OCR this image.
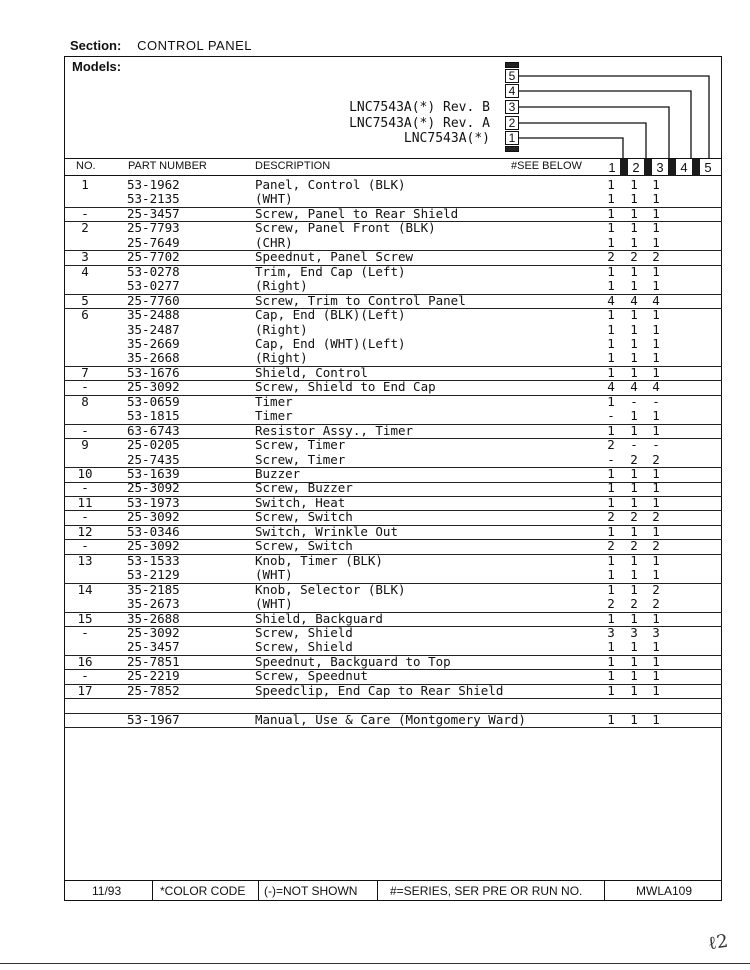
Section: CONTROL PANEL
Models:
LNC7543A(*) Rev. B
LNC7543A(*) Rev. A
LNC7543A(*)
5
4
3
2
1
NO.	PART NUMBER	DESCRIPTION	#SEE BELOW	1	2	3	4	5
1	53-1962	Panel, Control (BLK)	1 1 1
53-2135	(WHT)	1 1 1
-	25-3457	Screw, Panel to Rear Shield	1 1 1
2	25-7793	Screw, Panel Front (BLK)	1 1 1
25-7649	(CHR)	1 1 1
3	25-7702	Speednut, Panel Screw	2 2 2
4	53-0278	Trim, End Cap (Left)	1 1 1
53-0277	(Right)	1 1 1
5	25-7760	Screw, Trim to Control Panel	4 4 4
6	35-2488	Cap, End (BLK)(Left)	1 1 1
35-2487	(Right)	1 1 1
35-2669	Cap, End (WHT)(Left)	1 1 1
35-2668	(Right)	1 1 1
7	53-1676	Shield, Control	1 1 1
-	25-3092	Screw, Shield to End Cap	4 4 4
8	53-0659	Timer	1 - -
53-1815	Timer	- 1 1
-	63-6743	Resistor Assy., Timer	1 1 1
9	25-0205	Screw, Timer	2 - -
25-7435	Screw, Timer	- 2 2
10	53-1639	Buzzer	1 1 1
-	25-3092	Screw, Buzzer	1 1 1
11	53-1973	Switch, Heat	1 1 1
-	25-3092	Screw, Switch	2 2 2
12	53-0346	Switch, Wrinkle Out	1 1 1
-	25-3092	Screw, Switch	2 2 2
13	53-1533	Knob, Timer (BLK)	1 1 1
53-2129	(WHT)	1 1 1
14	35-2185	Knob, Selector (BLK)	1 1 2
35-2673	(WHT)	2 2 2
15	35-2688	Shield, Backguard	1 1 1
-	25-3092	Screw, Shield	3 3 3
25-3457	Screw, Shield	1 1 1
16	25-7851	Speednut, Backguard to Top	1 1 1
-	25-2219	Screw, Speednut	1 1 1
17	25-7852	Speedclip, End Cap to Rear Shield	1 1 1
53-1967	Manual, Use & Care (Montgomery Ward)	1 1 1
11/93	*COLOR CODE (-)=NOT SHOWN	#=SERIES, SER PRE OR RUN NO.	MWLA109
ℓ2
